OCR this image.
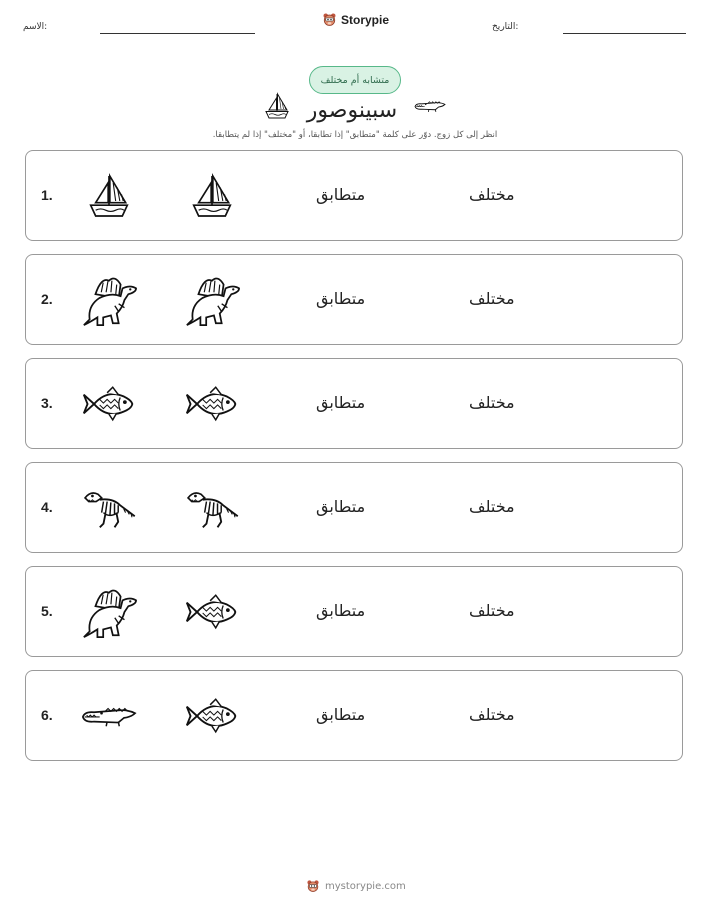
الاسم:
Storypie
التاريخ:
متشابه أم مختلف
سبينوصور
انظر إلى كل زوج. دوّر على كلمة "متطابق" إذا تطابقا، أو "مختلف" إذا لم يتطابقا.
1.	متطابق	مختلف
2.	متطابق	مختلف
3.	متطابق	مختلف
4.	متطابق	مختلف
5.	متطابق	مختلف
6.	متطابق	مختلف
mystorypie.com
